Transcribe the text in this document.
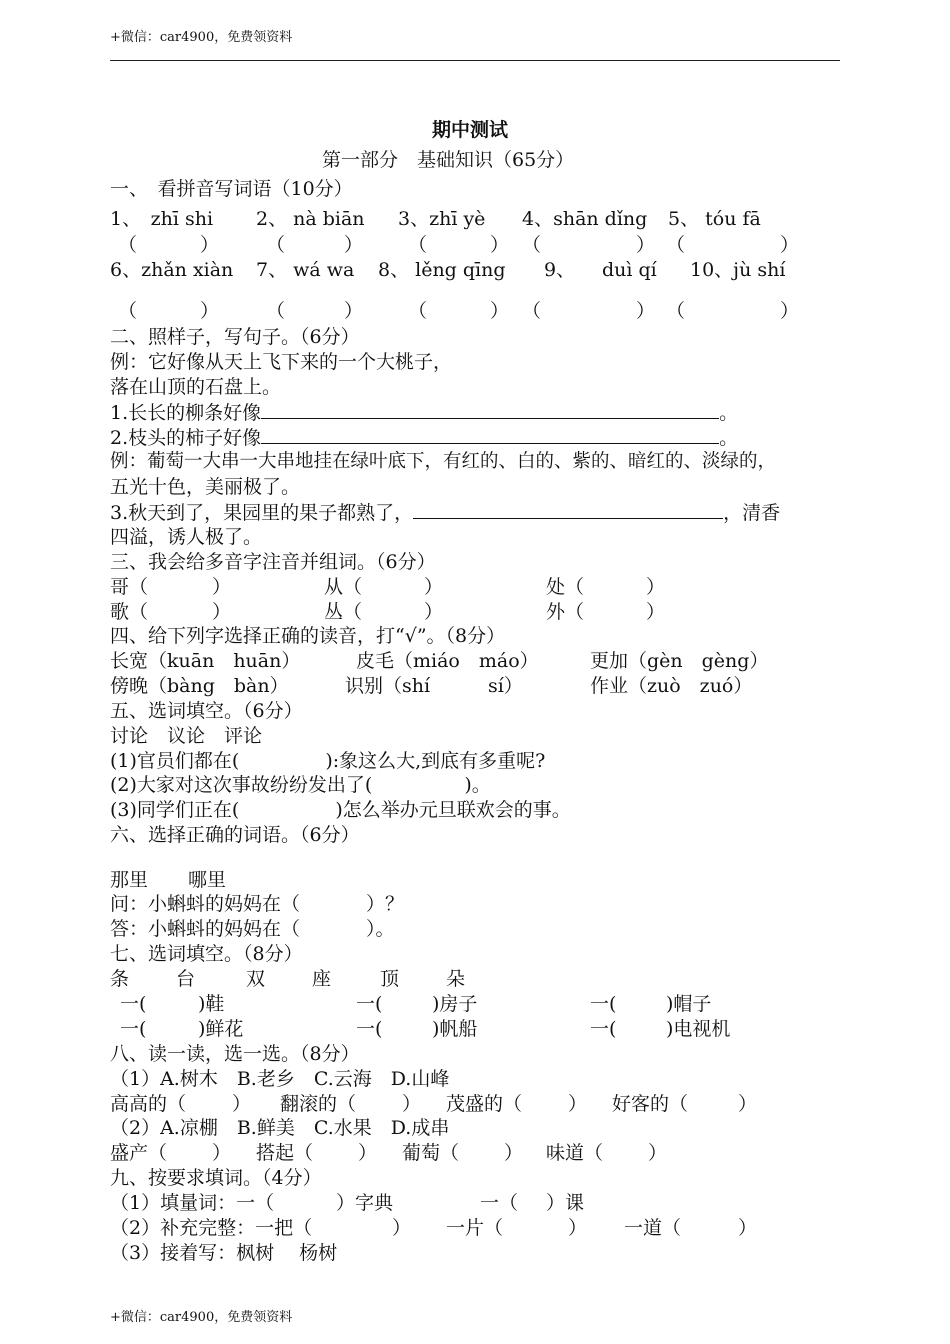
+微信：car4900，免费领资料
期中测试
第一部分　基础知识（65分）
一、　看拼音写词语（10分）
1、　zhī shi 2、 nà biān 3、zhī yè 4、shān dǐng 5、 tóu fā
（	） （	） （	） （	） （	）
6、zhǎn xiàn 7、 wá wa 8、 lěng qīng 9、 duì qí 10、jù shí
（	） （	） （	） （	） （	）
二、照样子，写句子。（6分）
例：它好像从天上飞下来的一个大桃子，
落在山顶的石盘上。
1.长长的柳条好像	。
2.枝头的柿子好像	。
例：葡萄一大串一大串地挂在绿叶底下，有红的、白的、紫的、暗红的、淡绿的，
五光十色，美丽极了。
3.秋天到了，果园里的果子都熟了，	，清香
四溢，诱人极了。
三、我会给多音字注音并组词。（6分）
哥（	）	从（	）	处（	）
歌（	）	丛（	）	外（	）
四、给下列字选择正确的读音，打“√”。（8分）
长宽（kuān　huān）	皮毛（miáo　máo）	更加（gèn　gèng）
傍晚（bàng　bàn）	识别（shí	sí）	作业（zuò　zuó）
五、选词填空。（6分）
讨论　议论　评论
(1)官员们都在(	):象这么大,到底有多重呢?
(2)大家对这次事故纷纷发出了(	)。
(3)同学们正在(	)怎么举办元旦联欢会的事。
六、选择正确的词语。（6分）
那里 哪里
问：小蝌蚪的妈妈在（	）？
答：小蝌蚪的妈妈在（	）。
七、选词填空。（8分）
条 台	双 座	顶 朵
一(	)鞋	一(	)房子	一(	)帽子
一(	)鲜花	一(	)帆船	一(	)电视机
八、读一读，选一选。（8分）
（1）A.树木　B.老乡　C.云海　D.山峰
高高的（ ） 翻滚的（ ） 茂盛的（ ） 好客的（	）
（2）A.凉棚　B.鲜美　C.水果　D.成串
盛产（ ） 搭起（ ） 葡萄（ ） 味道（ ）
九、按要求填词。（4分）
（1）填量词：一（	）字典	一（ ）课
（2）补充完整：一把（	） 一片（	） 一道（	）
（3）接着写：枫树　 杨树
+微信：car4900，免费领资料
